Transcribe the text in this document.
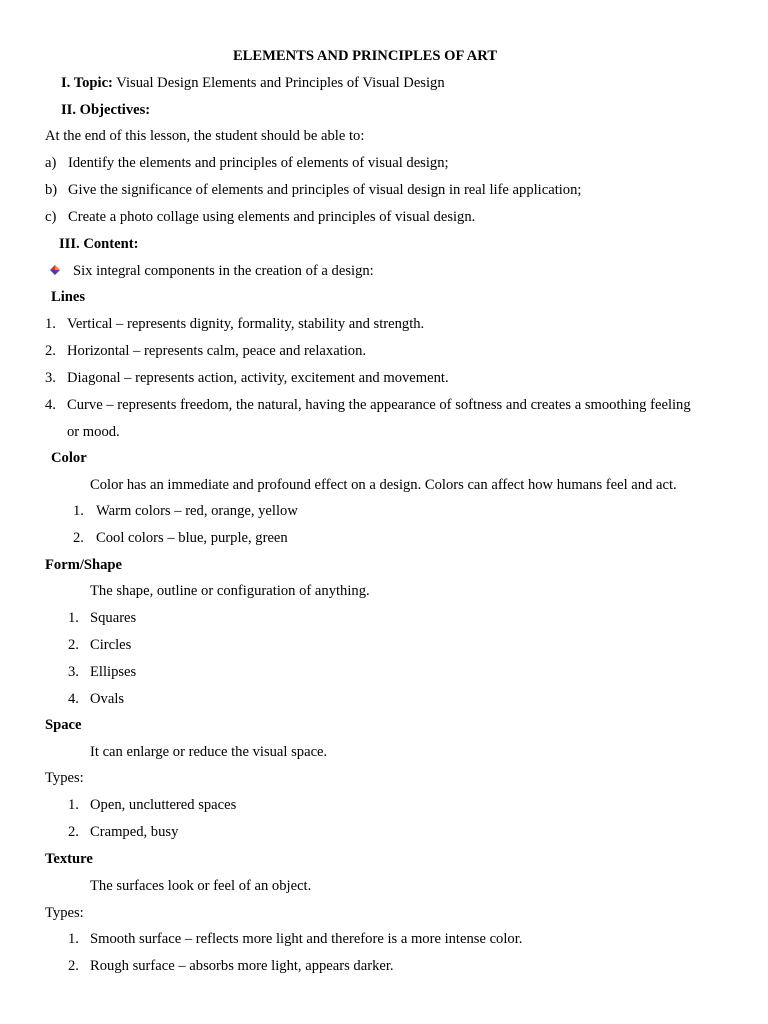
ELEMENTS AND PRINCIPLES OF ART
I. Topic: Visual Design Elements and Principles of Visual Design
II. Objectives:
At the end of this lesson, the student should be able to:
a) Identify the elements and principles of elements of visual design;
b) Give the significance of elements and principles of visual design in real life application;
c) Create a photo collage using elements and principles of visual design.
III. Content:
Six integral components in the creation of a design:
Lines
1. Vertical – represents dignity, formality, stability and strength.
2. Horizontal – represents calm, peace and relaxation.
3. Diagonal – represents action, activity, excitement and movement.
4. Curve – represents freedom, the natural, having the appearance of softness and creates a smoothing feeling
or mood.
Color
Color has an immediate and profound effect on a design. Colors can affect how humans feel and act.
1. Warm colors – red, orange, yellow
2. Cool colors – blue, purple, green
Form/Shape
The shape, outline or configuration of anything.
1. Squares
2. Circles
3. Ellipses
4. Ovals
Space
It can enlarge or reduce the visual space.
Types:
1. Open, uncluttered spaces
2. Cramped, busy
Texture
The surfaces look or feel of an object.
Types:
1. Smooth surface – reflects more light and therefore is a more intense color.
2. Rough surface – absorbs more light, appears darker.
